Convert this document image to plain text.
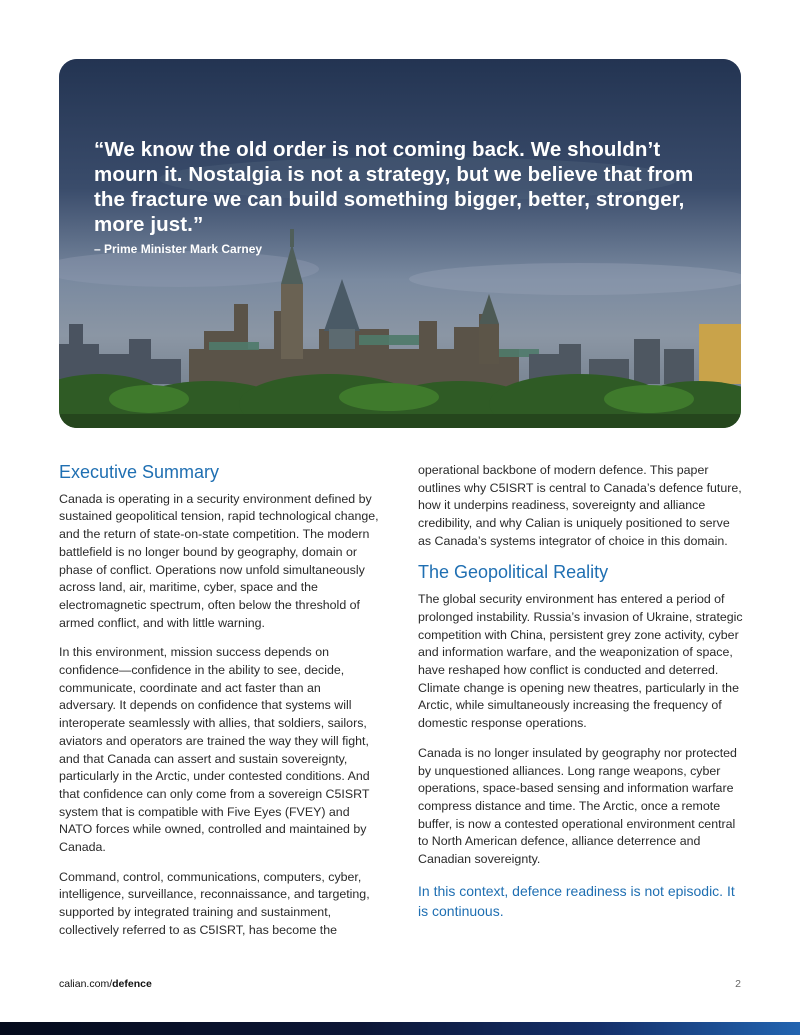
“We know the old order is not coming back. We shouldn’t mourn it. Nostalgia is not a strategy, but we believe that from the fracture we can build something bigger, better, stronger, more just.”
– Prime Minister Mark Carney
Executive Summary

Canada is operating in a security environment defined by sustained geopolitical tension, rapid technological change, and the return of state-on-state competition. The modern battlefield is no longer bound by geography, domain or phase of conflict. Operations now unfold simultaneously across land, air, maritime, cyber, space and the electromagnetic spectrum, often below the threshold of armed conflict, and with little warning.

In this environment, mission success depends on confidence—confidence in the ability to see, decide, communicate, coordinate and act faster than an adversary. It depends on confidence that systems will interoperate seamlessly with allies, that soldiers, sailors, aviators and operators are trained the way they will fight, and that Canada can assert and sustain sovereignty, particularly in the Arctic, under contested conditions. And that confidence can only come from a sovereign C5ISRT system that is compatible with Five Eyes (FVEY) and NATO forces while owned, controlled and maintained by Canada.

Command, control, communications, computers, cyber, intelligence, surveillance, reconnaissance, and targeting, supported by integrated training and sustainment, collectively referred to as C5ISRT, has become the

operational backbone of modern defence. This paper outlines why C5ISRT is central to Canada’s defence future, how it underpins readiness, sovereignty and alliance credibility, and why Calian is uniquely positioned to serve as Canada’s systems integrator of choice in this domain.

The Geopolitical Reality

The global security environment has entered a period of prolonged instability. Russia’s invasion of Ukraine, strategic competition with China, persistent grey zone activity, cyber and information warfare, and the weaponization of space, have reshaped how conflict is conducted and deterred. Climate change is opening new theatres, particularly in the Arctic, while simultaneously increasing the frequency of domestic response operations.

Canada is no longer insulated by geography nor protected by unquestioned alliances. Long range weapons, cyber operations, space-based sensing and information warfare compress distance and time. The Arctic, once a remote buffer, is now a contested operational environment central to North American defence, alliance deterrence and Canadian sovereignty.

In this context, defence readiness is not episodic. It is continuous.

calian.com/defence	2
